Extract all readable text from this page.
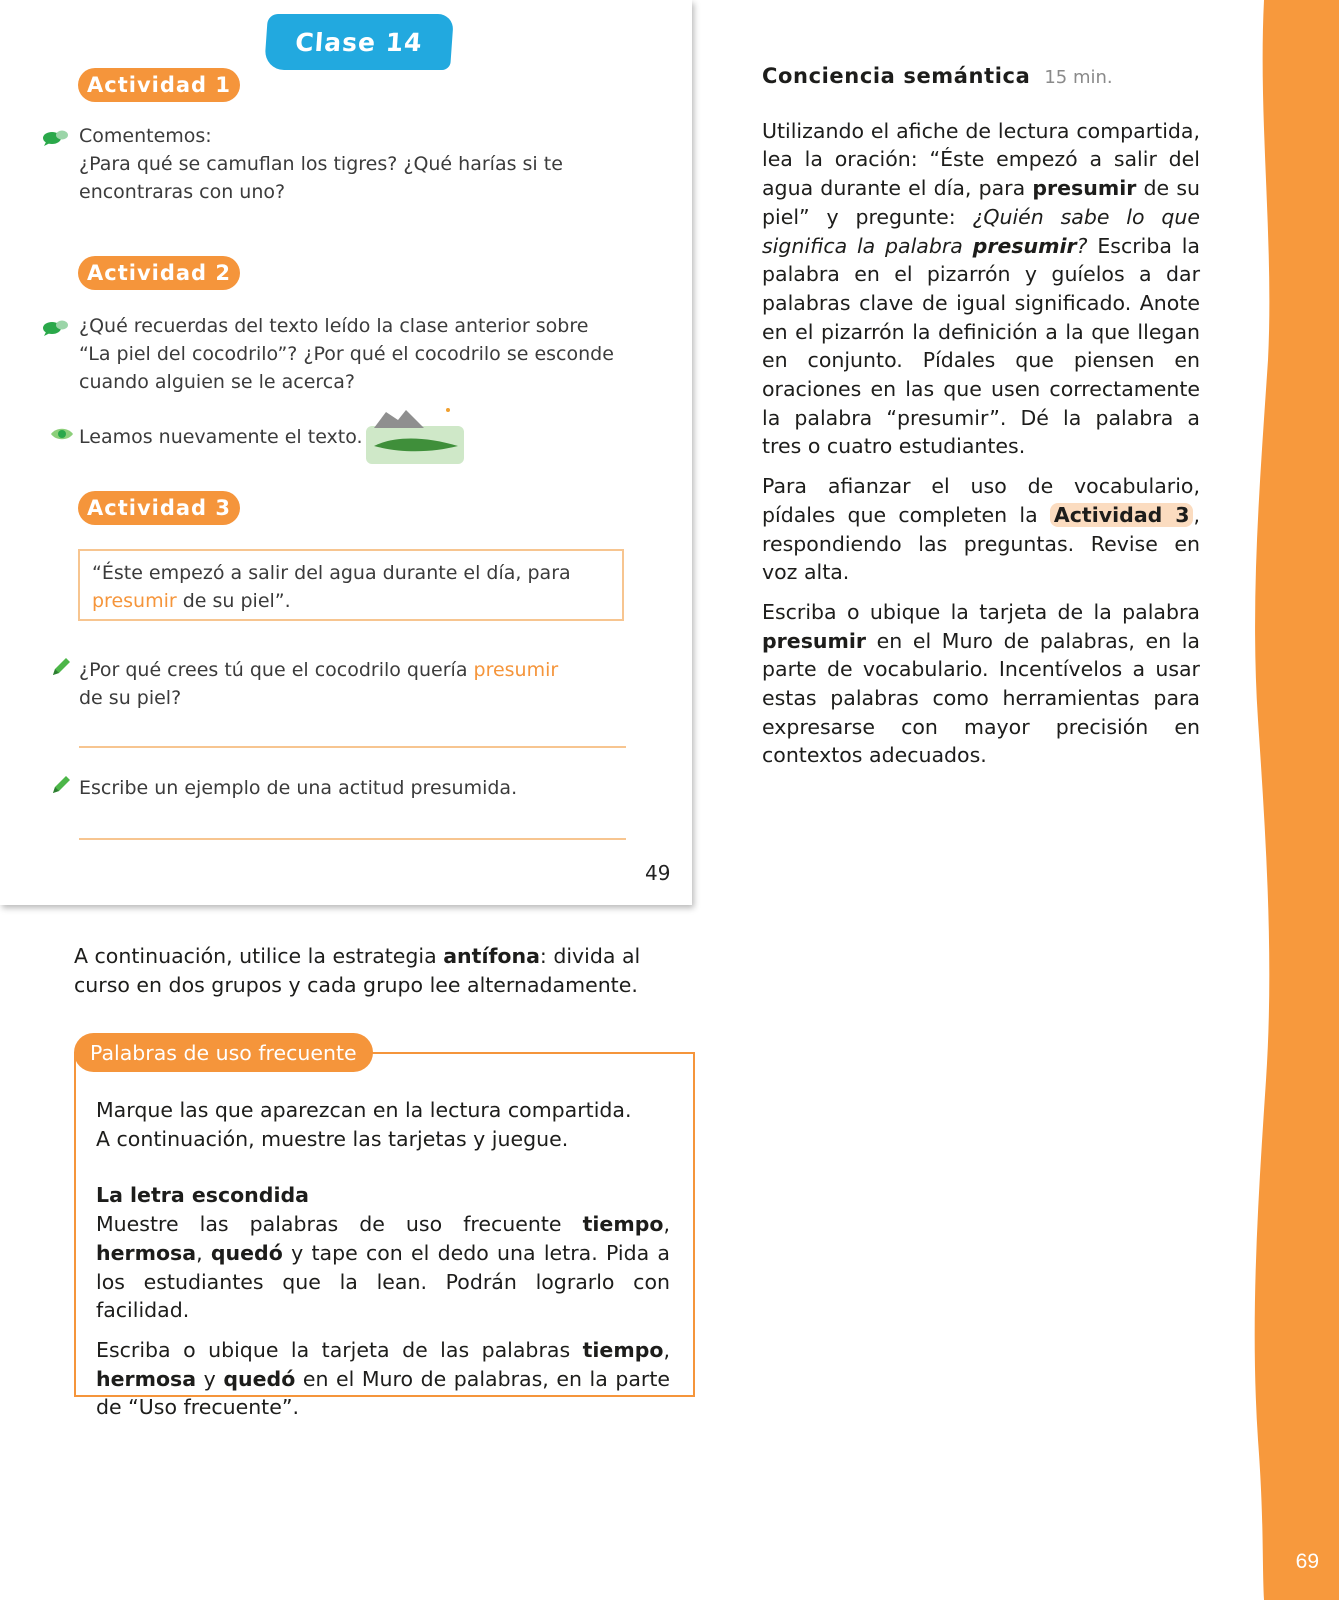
69
Clase 14
Actividad 1
Comentemos:
¿Para qué se camuflan los tigres? ¿Qué harías si te
encontraras con uno?
Actividad 2
¿Qué recuerdas del texto leído la clase anterior sobre
“La piel del cocodrilo”? ¿Por qué el cocodrilo se esconde
cuando alguien se le acerca?
Leamos nuevamente el texto.
Actividad 3
“Éste empezó a salir del agua durante el día, para
presumir de su piel”.
¿Por qué crees tú que el cocodrilo quería presumir
de su piel?
Escribe un ejemplo de una actitud presumida.
49
Conciencia semántica 15 min.

Utilizando el afiche de lectura compartida, lea la oración: “Éste empezó a salir del agua durante el día, para presumir de su piel” y pregunte: ¿Quién sabe lo que significa la palabra presumir? Escriba la palabra en el pizarrón y guíelos a dar palabras clave de igual significado. Anote en el pizarrón la definición a la que llegan en conjunto. Pídales que piensen en oraciones en las que usen correctamente la palabra “presumir”. Dé la palabra a tres o cuatro estudiantes.

Para afianzar el uso de vocabulario, pídales que completen la Actividad 3 , respondiendo las preguntas. Revise en voz alta.

Escriba o ubique la tarjeta de la palabra presumir en el Muro de palabras, en la parte de vocabulario. Incentívelos a usar estas palabras como herramientas para expresarse con mayor precisión en contextos adecuados.

A continuación, utilice la estrategia antífona: divida al curso en dos grupos y cada grupo lee alternadamente.
Palabras de uso frecuente
Marque las que aparezcan en la lectura compartida.
A continuación, muestre las tarjetas y juegue.
La letra escondida

Muestre las palabras de uso frecuente tiempo, hermosa, quedó y tape con el dedo una letra. Pida a los estudiantes que la lean. Podrán lograrlo con facilidad.

Escriba o ubique la tarjeta de las palabras tiempo, hermosa y quedó en el Muro de palabras, en la parte de “Uso frecuente”.
